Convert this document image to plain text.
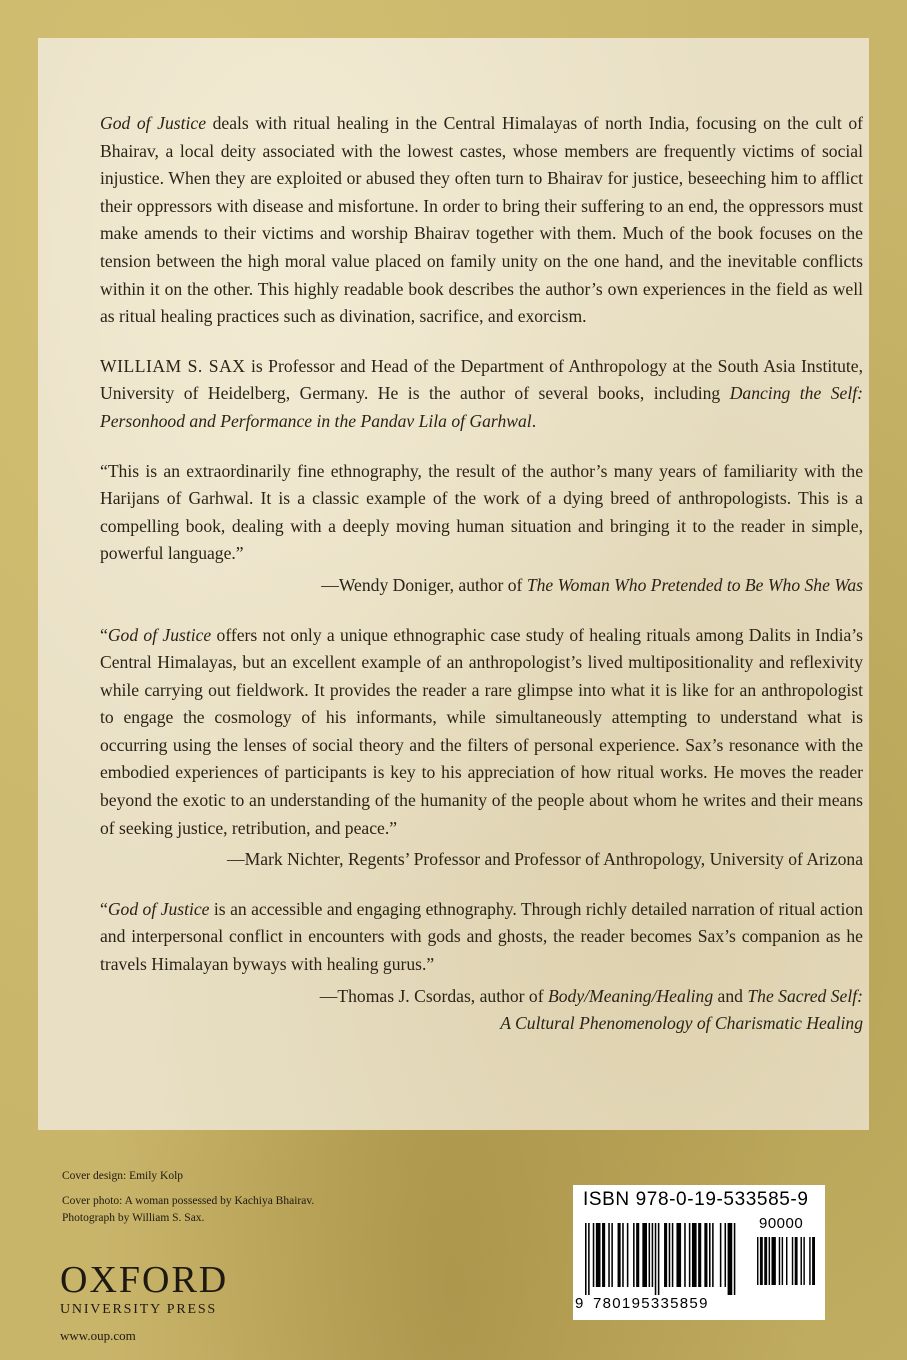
God of Justice deals with ritual healing in the Central Himalayas of north India, focusing on the cult of Bhairav, a local deity associated with the lowest castes, whose members are frequently victims of social injustice. When they are exploited or abused they often turn to Bhairav for justice, beseeching him to afflict their oppressors with disease and misfortune. In order to bring their suffering to an end, the oppressors must make amends to their victims and worship Bhairav together with them. Much of the book focuses on the tension between the high moral value placed on family unity on the one hand, and the inevitable conflicts within it on the other. This highly readable book describes the author’s own experiences in the field as well as ritual healing practices such as divination, sacrifice, and exorcism.

WILLIAM S. SAX is Professor and Head of the Department of Anthropology at the South Asia Institute, University of Heidelberg, Germany. He is the author of several books, including Dancing the Self: Personhood and Performance in the Pandav Lila of Garhwal.

“This is an extraordinarily fine ethnography, the result of the author’s many years of familiarity with the Harijans of Garhwal. It is a classic example of the work of a dying breed of anthropologists. This is a compelling book, dealing with a deeply moving human situation and bringing it to the reader in simple, powerful language.”

—Wendy Doniger, author of The Woman Who Pretended to Be Who She Was

“God of Justice offers not only a unique ethnographic case study of healing rituals among Dalits in India’s Central Himalayas, but an excellent example of an anthropologist’s lived multipositionality and reflexivity while carrying out fieldwork. It provides the reader a rare glimpse into what it is like for an anthropologist to engage the cosmology of his informants, while simultaneously attempting to understand what is occurring using the lenses of social theory and the filters of personal experience. Sax’s resonance with the embodied experiences of participants is key to his appreciation of how ritual works. He moves the reader beyond the exotic to an understanding of the humanity of the people about whom he writes and their means of seeking justice, retribution, and peace.”

—Mark Nichter, Regents’ Professor and Professor of Anthropology, University of Arizona

“God of Justice is an accessible and engaging ethnography. Through richly detailed narration of ritual action and interpersonal conflict in encounters with gods and ghosts, the reader becomes Sax’s companion as he travels Himalayan byways with healing gurus.”

—Thomas J. Csordas, author of Body/Meaning/Healing and The Sacred Self:
A Cultural Phenomenology of Charismatic Healing

Cover design: Emily Kolp
Cover photo: A woman possessed by Kachiya Bhairav.
Photograph by William S. Sax.
OXFORD
UNIVERSITY PRESS
www.oup.com
ISBN 978-0-19-533585-9
90000
9 780195335859
